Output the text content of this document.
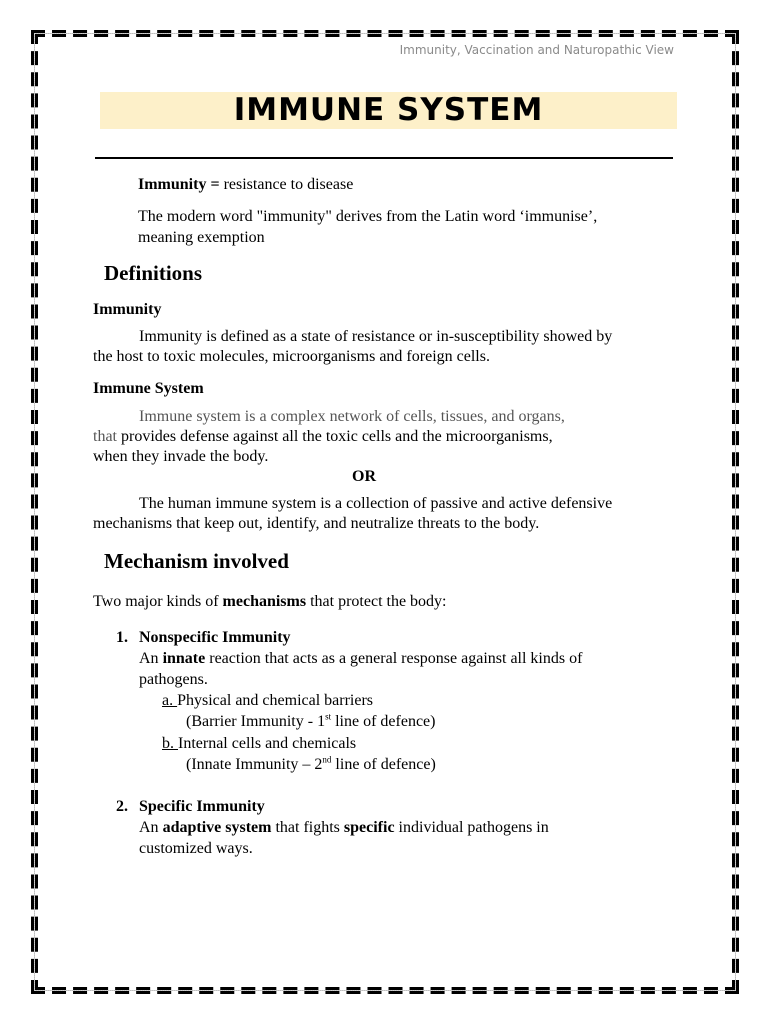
Immunity, Vaccination and Naturopathic View
IMMUNE SYSTEM
Immunity = resistance to disease
The modern word "immunity" derives from the Latin word ‘immunise’,
meaning exemption
Definitions
Immunity
Immunity is defined as a state of resistance or in-susceptibility showed by
the host to toxic molecules, microorganisms and foreign cells.
Immune System
Immune system is a complex network of cells, tissues, and organs,
that provides defense against all the toxic cells and the microorganisms,
when they invade the body.
OR
The human immune system is a collection of passive and active defensive
mechanisms that keep out, identify, and neutralize threats to the body.
Mechanism involved
Two major kinds of mechanisms that protect the body:
1. Nonspecific Immunity
An innate reaction that acts as a general response against all kinds of
pathogens.
a. Physical and chemical barriers
(Barrier Immunity - 1st line of defence)
b. Internal cells and chemicals
(Innate Immunity – 2nd line of defence)
2. Specific Immunity
An adaptive system that fights specific individual pathogens in
customized ways.
